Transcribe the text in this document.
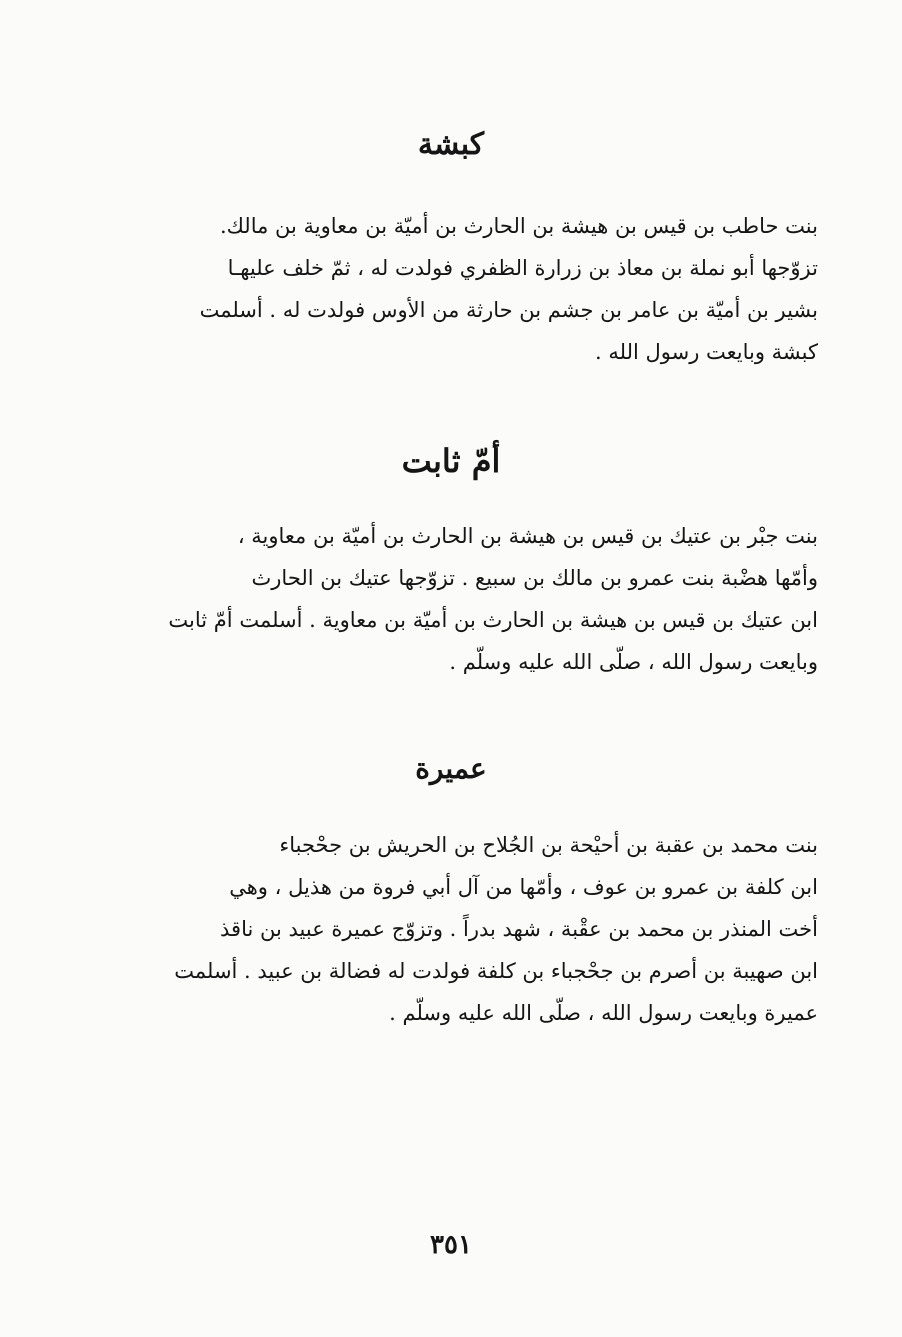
كبشة
بنت حاطب بن قيس بن هيشة بن الحارث بن أميّة بن معاوية بن مالك.
تزوّجها أبو نملة بن معاذ بن زرارة الظفري فولدت له ، ثمّ خلف عليهـا
بشير بن أميّة بن عامر بن جشم بن حارثة من الأوس فولدت له . أسلمت
كبشة وبايعت رسول الله .
أمّ ثابت
بنت جبْر بن عتيك بن قيس بن هيشة بن الحارث بن أميّة بن معاوية ،
وأمّها هضْبة بنت عمرو بن مالك بن سبيع . تزوّجها عتيك بن الحارث
ابن عتيك بن قيس بن هيشة بن الحارث بن أميّة بن معاوية . أسلمت أمّ ثابت
وبايعت رسول الله ، صلّى الله عليه وسلّم .
عميرة
بنت محمد بن عقبة بن أحيْحة بن الجُلاح بن الحريش بن جحْجباء
ابن كلفة بن عمرو بن عوف ، وأمّها من آل أبي فروة من هذيل ، وهي
أخت المنذر بن محمد بن عقْبة ، شهد بدراً . وتزوّج عميرة عبيد بن ناقذ
ابن صهيبة بن أصرم بن جحْجباء بن كلفة فولدت له فضالة بن عبيد . أسلمت
عميرة وبايعت رسول الله ، صلّى الله عليه وسلّم .
٣٥١
